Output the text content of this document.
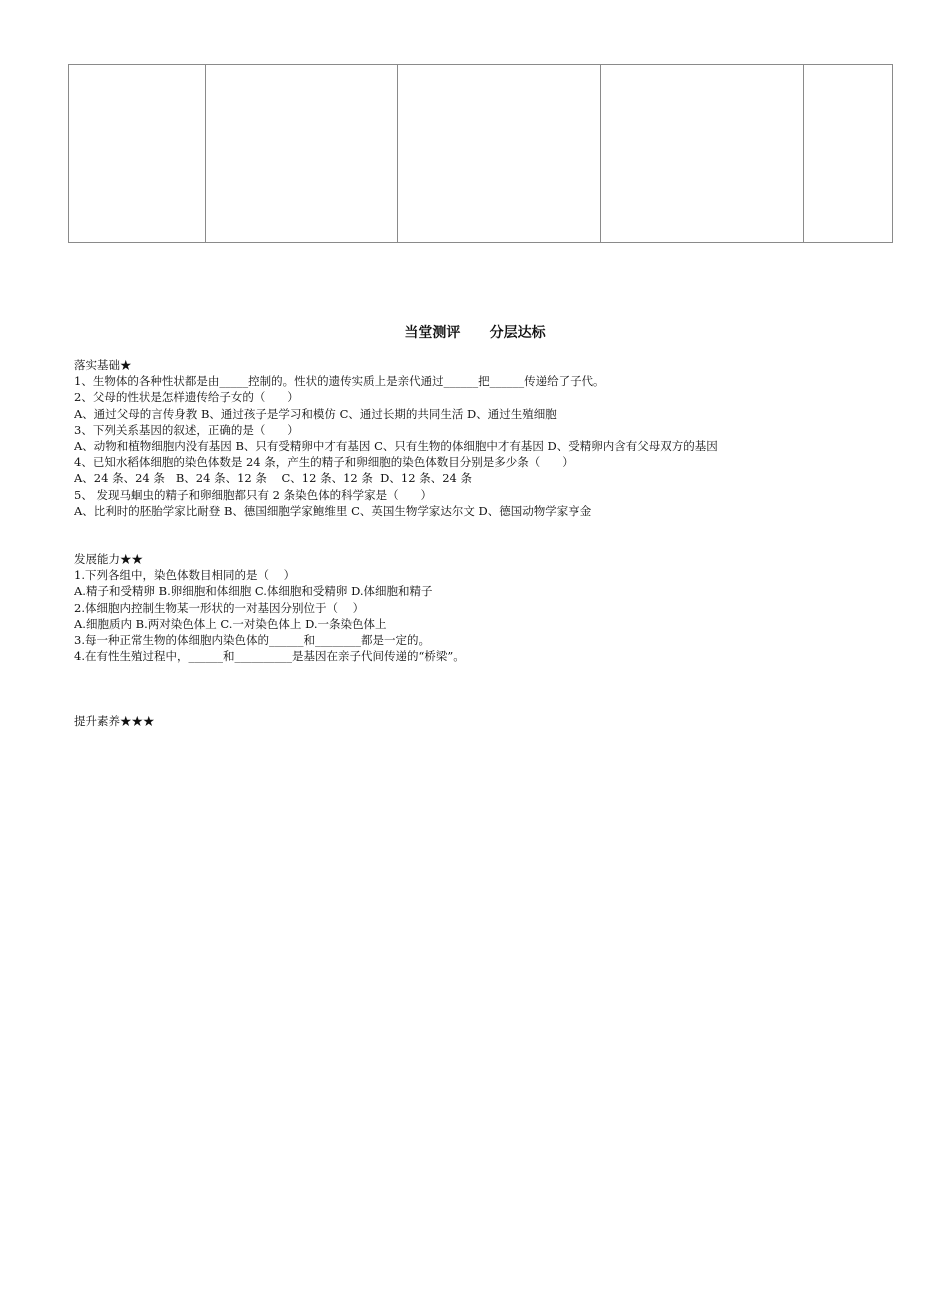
当堂测评      分层达标
落实基础★
1、生物体的各种性状都是由_____控制的。性状的遗传实质上是亲代通过______把______传递给了子代。
2、父母的性状是怎样遗传给子女的（      ）
A、通过父母的言传身教 B、通过孩子是学习和模仿 C、通过长期的共同生活 D、通过生殖细胞
3、下列关系基因的叙述，正确的是（      ）
A、动物和植物细胞内没有基因 B、只有受精卵中才有基因 C、只有生物的体细胞中才有基因 D、受精卵内含有父母双方的基因
4、已知水稻体细胞的染色体数是 24 条，产生的精子和卵细胞的染色体数目分别是多少条（      ）
A、24 条、24 条   B、24 条、12 条    C、12 条、12 条  D、12 条、24 条
5、 发现马蛔虫的精子和卵细胞都只有 2 条染色体的科学家是（      ）
A、比利时的胚胎学家比耐登 B、德国细胞学家鲍维里 C、英国生物学家达尔文 D、德国动物学家亨金
发展能力★★
1.下列各组中，染色体数目相同的是（    ）
A.精子和受精卵 B.卵细胞和体细胞 C.体细胞和受精卵 D.体细胞和精子
2.体细胞内控制生物某一形状的一对基因分别位于（    ）
A.细胞质内 B.两对染色体上 C.一对染色体上 D.一条染色体上
3.每一种正常生物的体细胞内染色体的______和________都是一定的。
4.在有性生殖过程中，______和__________是基因在亲子代间传递的“桥梁”。
提升素养★★★
